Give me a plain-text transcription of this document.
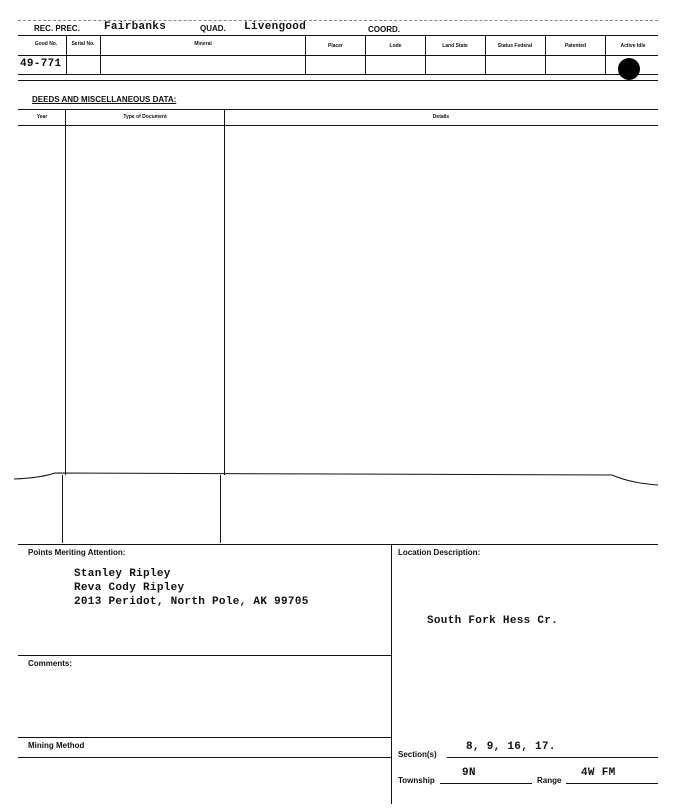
REC. PREC. Fairbanks	QUAD. Livengood	COORD.
Good No.	Serial No.	Mineral	Placer	Lode	Land State	Status Federal	Patented	Active Idle
49-771
DEEDS AND MISCELLANEOUS DATA:
Year	Type of Document	Details
Points Meriting Attention:
Stanley Ripley
Reva Cody Ripley
2013 Peridot, North Pole, AK 99705
Comments:
Mining Method
Location Description:
South Fork Hess Cr.
Section(s)
8, 9, 16, 17.
Township
9N
Range
4W FM
